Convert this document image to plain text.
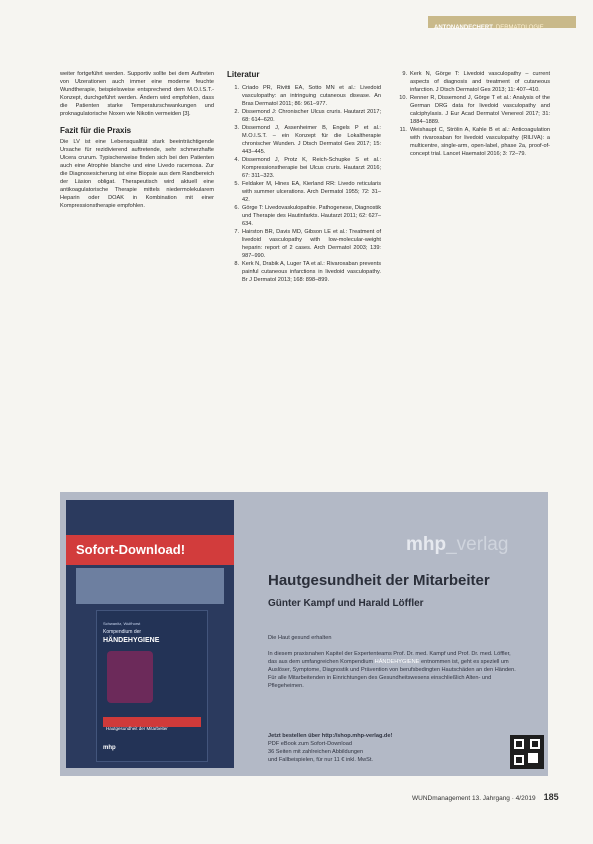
ANTONANDECHERT DERMATOLOGIE

weiter fortgeführt werden. Supportiv sollte bei dem Auftreten von Ulzerationen auch immer eine moderne feuchte Wundtherapie, beispielsweise entsprechend dem M.O.I.S.T.-Konzept, durchgeführt werden. Ändern wird empfohlen, dass die Patienten starke Temperaturschwankungen und proknagulatorische Noxen wie Nikotin vermeiden [3].

Fazit für die Praxis

Die LV ist eine Lebensqualität stark beeinträchtigende Ursache für rezidivierend auftretende, sehr schmerzhafte Ulcera crurum. Typischerweise finden sich bei den Patienten auch eine Atrophie blanche und eine Livedo racemosa. Zur die Diagnosesicherung ist eine Biopsie aus dem Randbereich der Läsion obligat. Therapeutisch wird aktuell eine antikoagulatorische Therapie mittels niedermolekularem Heparin oder DOAK in Kombination mit einer Kompressionstherapie empfohlen.

Literatur
1. Criado PR, Rivitti EA, Sotto MN et al.: Livedoid vasculopathy: an intringuing cutaneous disease. An Bras Dermatol 2011; 86: 961–977.
2. Dissemond J: Chronischer Ulcus cruris. Hautarzt 2017; 68: 614–620.
3. Dissemond J, Assenheimer B, Engels P et al.: M.O.I.S.T. – ein Konzept für die Lokaltherapie chronischer Wunden. J Dtsch Dermatol Ges 2017; 15: 443–445.
4. Dissemond J, Protz K, Reich-Schupke S et al.: Kompressionstherapie bei Ulcus cruris. Hautarzt 2016; 67: 311–323.
5. Feldaker M, Hines EA, Kierland RR: Livedo reticularis with summer ulcerations. Arch Dermatol 1955; 72: 31–42.
6. Görge T: Livedovaskulopathie. Pathogenese, Diagnostik und Therapie des Hautinfarkts. Hautarzt 2011; 62: 627–634.
7. Hairston BR, Davis MD, Gibson LE et al.: Treatment of livedoid vasculopathy with low-molecular-weight heparin: report of 2 cases. Arch Dermatol 2003; 139: 987–990.
8. Kerk N, Drabik A, Luger TA et al.: Rivaroxaban prevents painful cutaneous infarctions in livedoid vasculopathy. Br J Dermatol 2013; 168: 898–899.
9. Kerk N, Görge T: Livedoid vasculopathy – current aspects of diagnosis and treatment of cutaneous infarction. J Dtsch Dermatol Ges 2013; 11: 407–410.
10. Renner R, Dissemond J, Görge T et al.: Analysis of the German DRG data for livedoid vasculopathy and calciphylaxis. J Eur Acad Dermatol Venereol 2017; 31: 1884–1889.
11. Weishaupt C, Strölin A, Kahle B et al.: Anticoagulation with rivaroxaban for livedoid vasculopathy (RILIVA): a multicentre, single-arm, open-label, phase 2a, proof-of-concept trial. Lancet Haematol 2016; 3: 72–79.
Sofort-Download!
Schwanitz, Wulfhorst
Kompendium der
HÄNDEHYGIENE
Hautgesundheit der Mitarbeiter
mhp
mhp_verlag
Hautgesundheit der Mitarbeiter
Günter Kampf und Harald Löffler

Die Haut gesund erhalten

In diesem praxisnahen Kapitel der Expertenteams Prof. Dr. med. Kampf und Prof. Dr. med. Löffler, das aus dem umfangreichen Kompendium HÄNDEHYGIENE entnommen ist, geht es speziell um Auslöser, Symptome, Diagnostik und Prävention von berufsbedingten Hautschäden an den Händen. Für alle Mitarbeitenden in Einrichtungen des Gesundheitswesens einschließlich Alten- und Pflegeheimen.

Jetzt bestellen über http://shop.mhp-verlag.de!

PDF eBook zum Sofort-Download

36 Seiten mit zahlreichen Abbildungen

und Fallbeispielen, für nur 11 € inkl. MwSt.

WUNDmanagement 13. Jahrgang · 4/2019 185
